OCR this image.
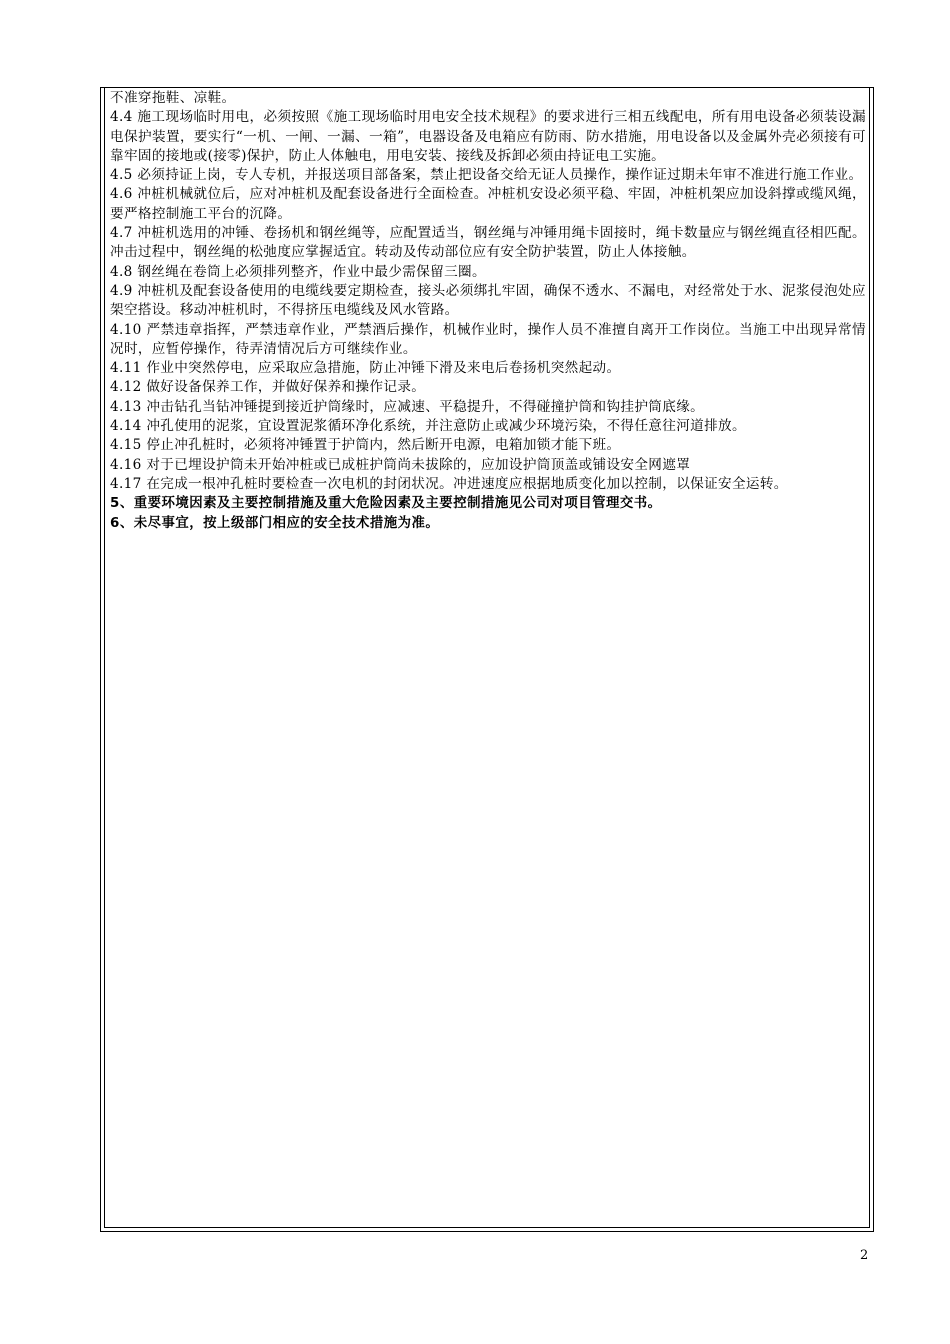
不准穿拖鞋、凉鞋。

4.4 施工现场临时用电，必须按照《施工现场临时用电安全技术规程》的要求进行三相五线配电，所有用电设备必须装设漏电保护装置，要实行“一机、一闸、一漏、一箱”，电器设备及电箱应有防雨、防水措施，用电设备以及金属外壳必须接有可靠牢固的接地或(接零)保护，防止人体触电，用电安装、接线及拆卸必须由持证电工实施。

4.5 必须持证上岗，专人专机，并报送项目部备案，禁止把设备交给无证人员操作，操作证过期未年审不准进行施工作业。

4.6 冲桩机械就位后，应对冲桩机及配套设备进行全面检查。冲桩机安设必须平稳、牢固，冲桩机架应加设斜撑或缆风绳，要严格控制施工平台的沉降。

4.7 冲桩机选用的冲锤、卷扬机和钢丝绳等，应配置适当，钢丝绳与冲锤用绳卡固接时，绳卡数量应与钢丝绳直径相匹配。冲击过程中，钢丝绳的松弛度应掌握适宜。转动及传动部位应有安全防护装置，防止人体接触。

4.8 钢丝绳在卷筒上必须排列整齐，作业中最少需保留三圈。

4.9 冲桩机及配套设备使用的电缆线要定期检查，接头必须绑扎牢固，确保不透水、不漏电，对经常处于水、泥浆侵泡处应架空搭设。移动冲桩机时，不得挤压电缆线及风水管路。

4.10 严禁违章指挥，严禁违章作业，严禁酒后操作，机械作业时，操作人员不准擅自离开工作岗位。当施工中出现异常情况时，应暂停操作，待弄清情况后方可继续作业。

4.11 作业中突然停电，应采取应急措施，防止冲锤下滑及来电后卷扬机突然起动。

4.12 做好设备保养工作，并做好保养和操作记录。

4.13 冲击钻孔当钻冲锤提到接近护筒缘时，应减速、平稳提升，不得碰撞护筒和钩挂护筒底缘。

4.14 冲孔使用的泥浆，宜设置泥浆循环净化系统，并注意防止或减少环境污染，不得任意往河道排放。

4.15 停止冲孔桩时，必须将冲锤置于护筒内，然后断开电源，电箱加锁才能下班。

4.16 对于已埋设护筒未开始冲桩或已成桩护筒尚未拔除的，应加设护筒顶盖或铺设安全网遮罩

4.17 在完成一根冲孔桩时要检查一次电机的封闭状况。冲进速度应根据地质变化加以控制，以保证安全运转。

5、重要环境因素及主要控制措施及重大危险因素及主要控制措施见公司对项目管理交书。

6、未尽事宜，按上级部门相应的安全技术措施为准。

2
